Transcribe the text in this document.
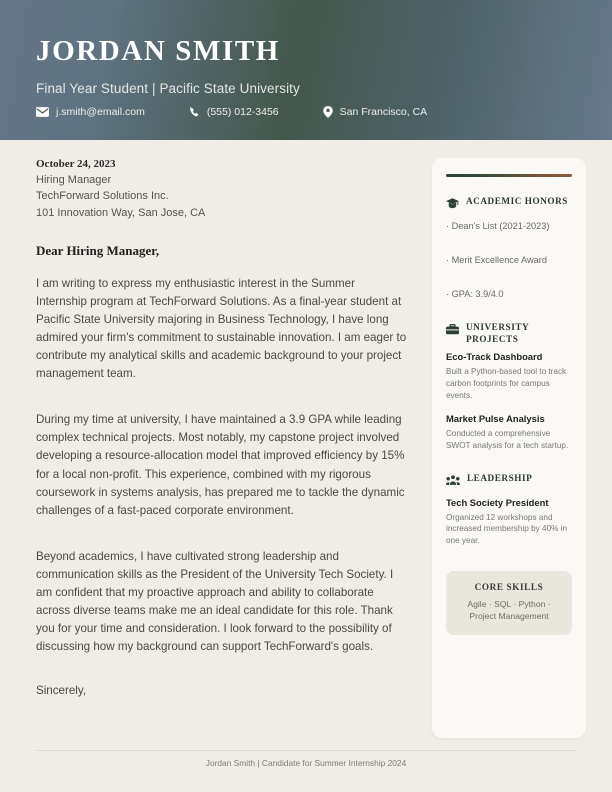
JORDAN SMITH
Final Year Student | Pacific State University
j.smith@email.com	(555) 012-3456	San Francisco, CA
October 24, 2023
Hiring Manager
TechForward Solutions Inc.
101 Innovation Way, San Jose, CA
Dear Hiring Manager,
I am writing to express my enthusiastic interest in the Summer Internship program at TechForward Solutions. As a final-year student at Pacific State University majoring in Business Technology, I have long admired your firm's commitment to sustainable innovation. I am eager to contribute my analytical skills and academic background to your project management team.
During my time at university, I have maintained a 3.9 GPA while leading complex technical projects. Most notably, my capstone project involved developing a resource-allocation model that improved efficiency by 15% for a local non-profit. This experience, combined with my rigorous coursework in systems analysis, has prepared me to tackle the dynamic challenges of a fast-paced corporate environment.
Beyond academics, I have cultivated strong leadership and communication skills as the President of the University Tech Society. I am confident that my proactive approach and ability to collaborate across diverse teams make me an ideal candidate for this role. Thank you for your time and consideration. I look forward to the possibility of discussing how my background can support TechForward's goals.
Sincerely,
ACADEMIC HONORS
· Dean's List (2021-2023)
· Merit Excellence Award
· GPA: 3.9/4.0
UNIVERSITY PROJECTS
Eco-Track Dashboard
Built a Python-based tool to track carbon footprints for campus events.
Market Pulse Analysis
Conducted a comprehensive SWOT analysis for a tech startup.
LEADERSHIP
Tech Society President
Organized 12 workshops and increased membership by 40% in one year.
CORE SKILLS
Agile · SQL · Python · Project Management
Jordan Smith | Candidate for Summer Internship 2024
